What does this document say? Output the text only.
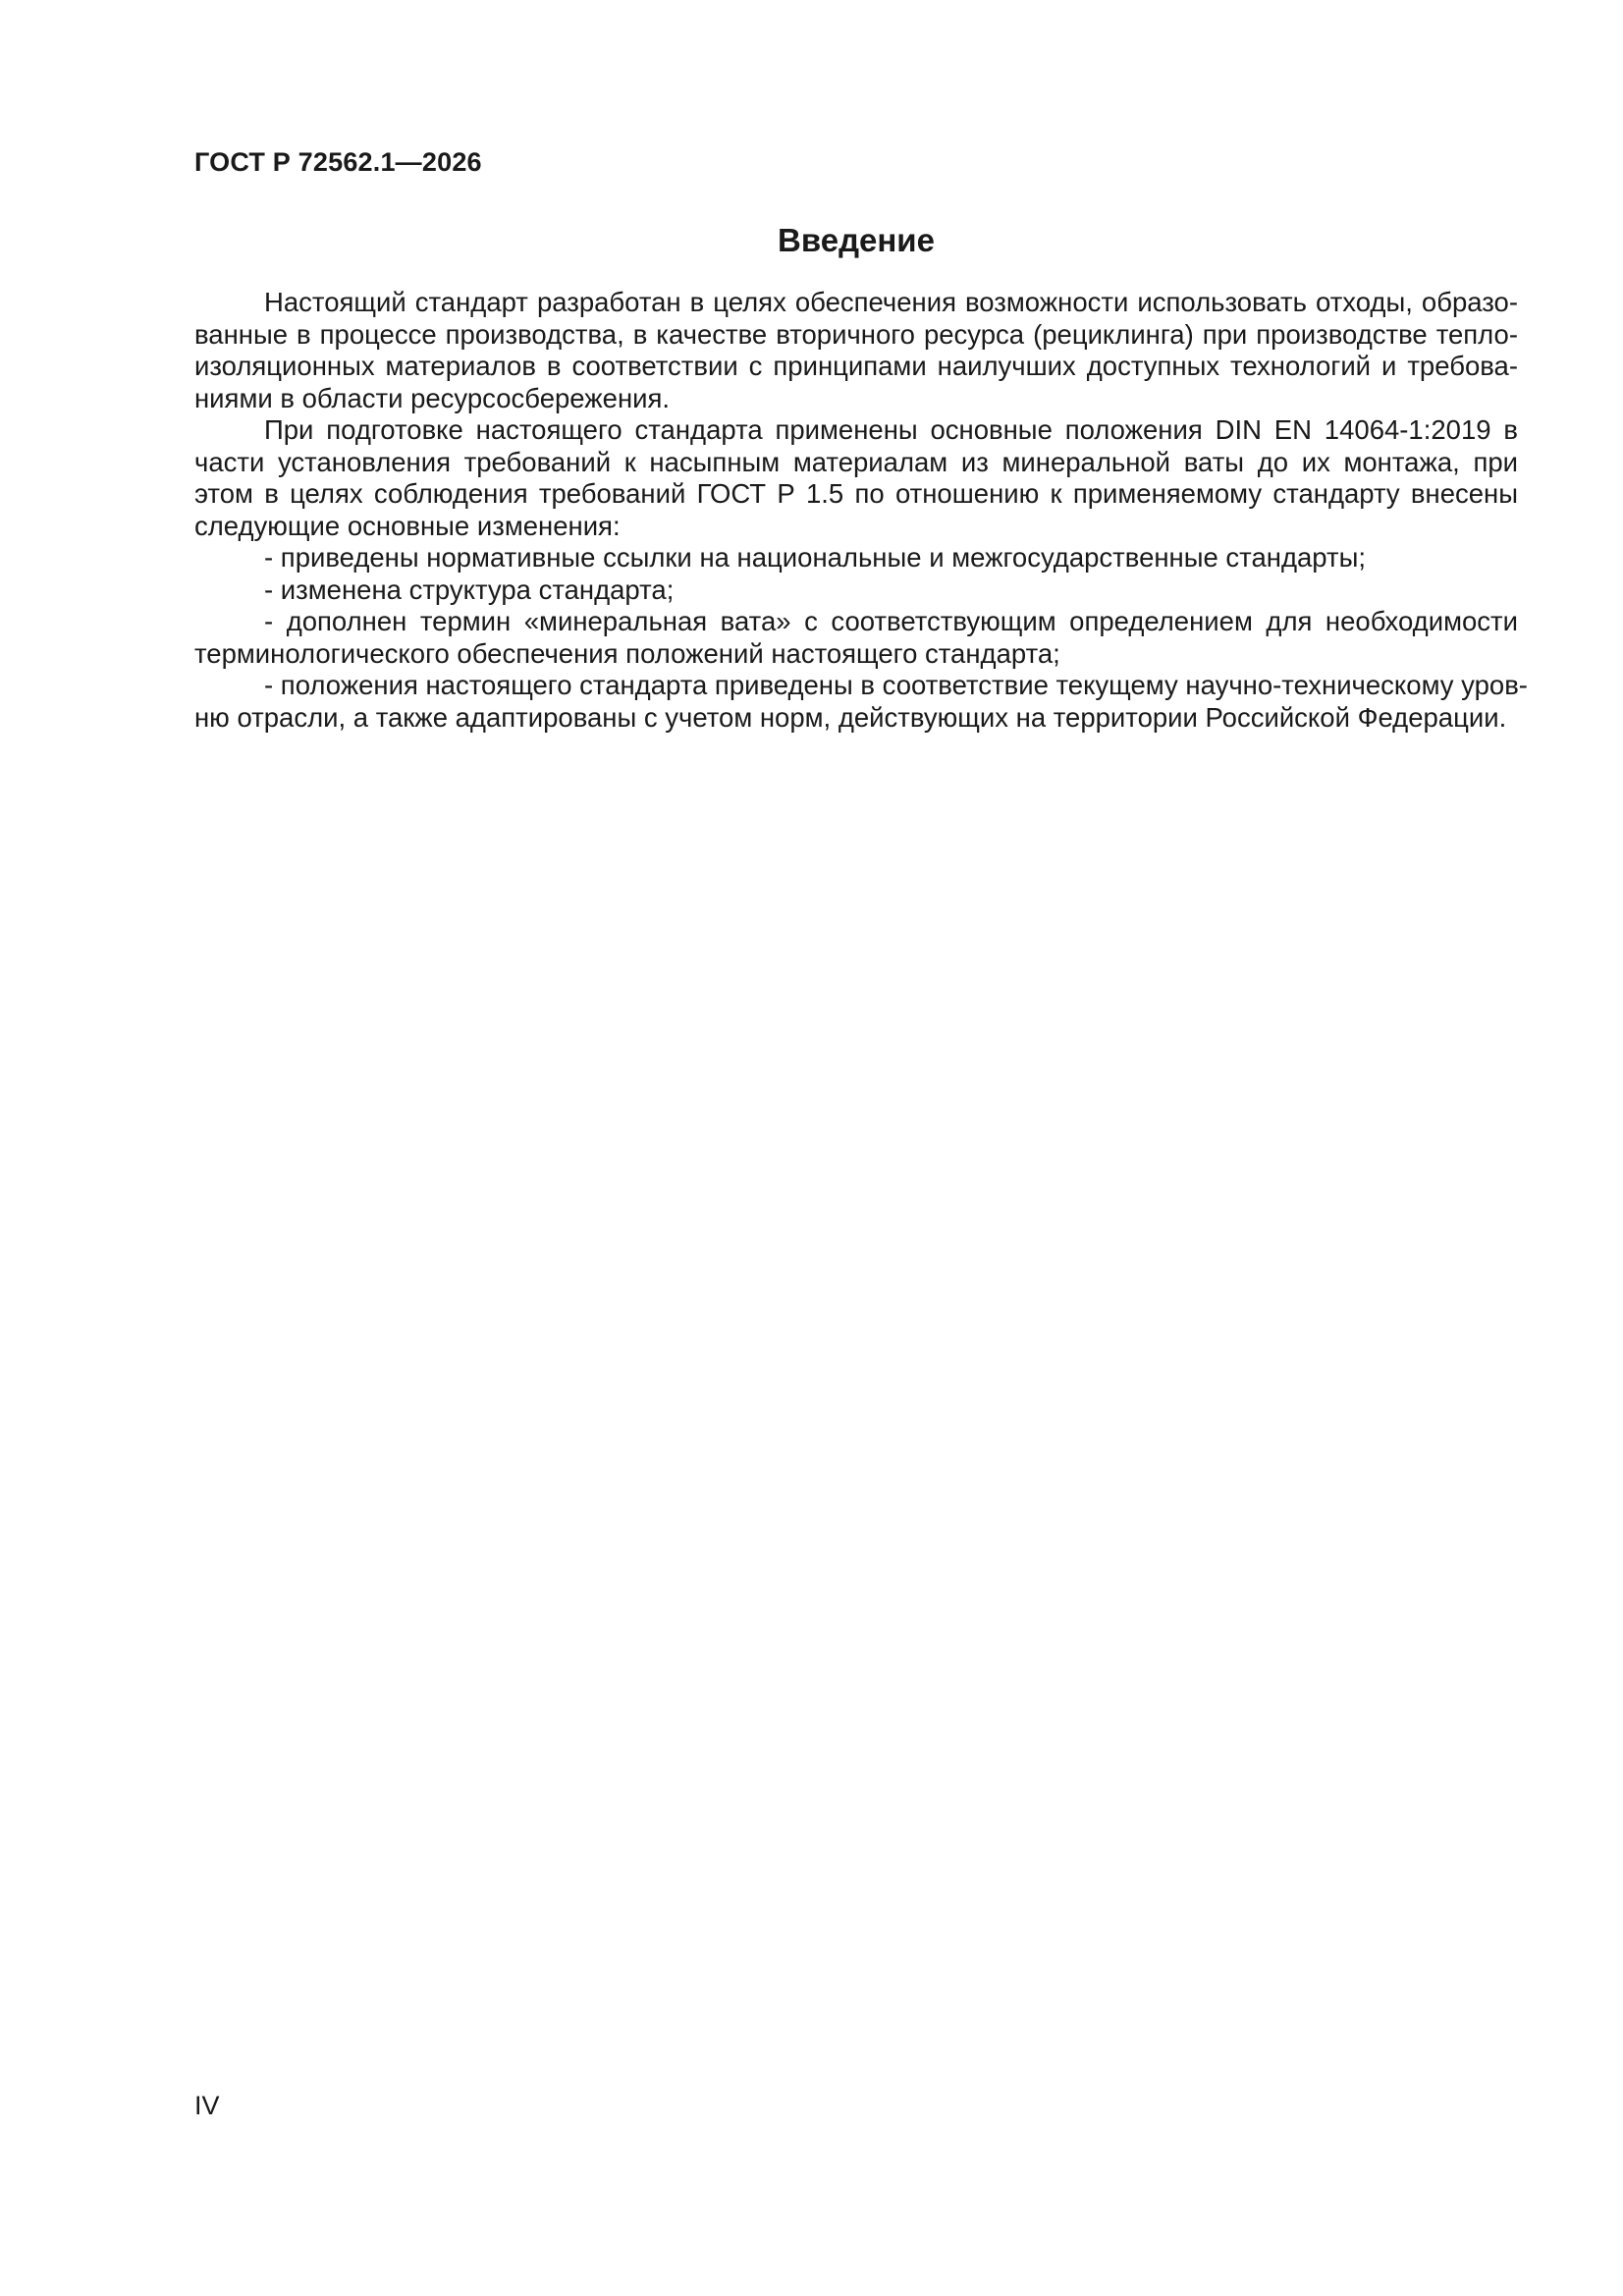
ГОСТ Р 72562.1—2026
Введение

Настоящий стандарт разработан в целях обеспечения возможности использовать отходы, образо-

ванные в процессе производства, в качестве вторичного ресурса (рециклинга) при производстве тепло-

изоляционных материалов в соответствии с принципами наилучших доступных технологий и требова-

ниями в области ресурсосбережения.

При подготовке настоящего стандарта применены основные положения DIN EN 14064-1:2019 в

части установления требований к насыпным материалам из минеральной ваты до их монтажа, при

этом в целях соблюдения требований ГОСТ Р 1.5 по отношению к применяемому стандарту внесены

следующие основные изменения:

- приведены нормативные ссылки на национальные и межгосударственные стандарты;

- изменена структура стандарта;

- дополнен термин «минеральная вата» с соответствующим определением для необходимости

терминологического обеспечения положений настоящего стандарта;

- положения настоящего стандарта приведены в соответствие текущему научно-техническому уров-

ню отрасли, а также адаптированы с учетом норм, действующих на территории Российской Федерации.

IV
